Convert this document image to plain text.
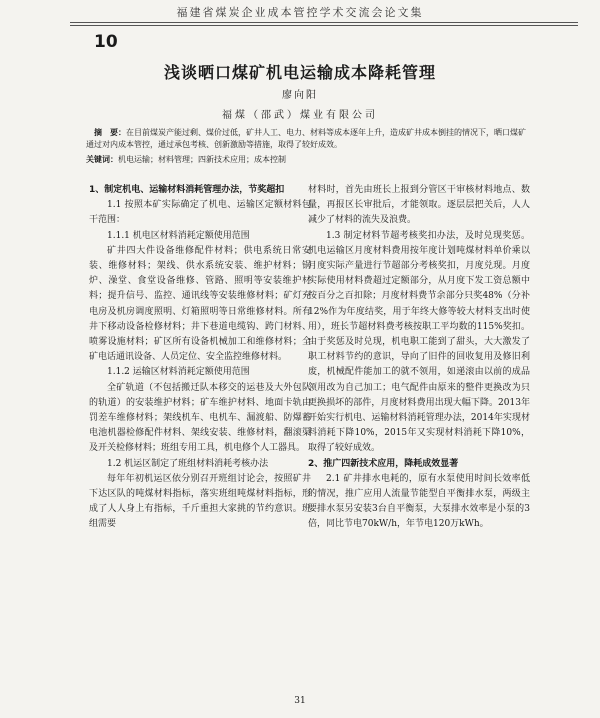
福建省煤炭企业成本管控学术交流会论文集
10
浅谈晒口煤矿机电运输成本降耗管理
廖向阳
福煤（邵武）煤业有限公司
摘　要：在目前煤炭产能过剩、煤价过低，矿井人工、电力、材料等成本逐年上升，造成矿井成本倒挂的情况下，晒口煤矿通过对内成本管控，通过承包考核、创新激励等措施，取得了较好成效。
关键词：机电运输；材料管理；四新技术应用；成本控制

1、制定机电、运输材料消耗管理办法，节奖超扣

1.1 按照本矿实际确定了机电、运输区定额材料包干范围：

1.1.1 机电区材料消耗定额使用范围

矿井四大件设备维修配件材料；供电系统日常安装、维修材料；架线、供水系统安装、维护材料；锅炉、澡堂、食堂设备维修、管路、照明等安装维护材料；提升信号、监控、通讯线等安装维修材料；矿灯充电房及机房调度照明、灯箱照明等日常维修材料。所有井下移动设备检修材料；井下巷道电缆钩、跨门材料、喷雾设施材料；矿区所有设备机械加工和维修材料；全矿电话通讯设备、人员定位、安全监控维修材料。

1.1.2 运输区材料消耗定额使用范围

全矿轨道（不包括搬迁队本移交的运巷及大外包队的轨道）的安装维护材料；矿车维护材料、地面卡轨由罚差车维修材料；架线机车、电机车、漏渡船、防爆蓄电池机器检修配件材料、架线安装、维修材料，翻滚渠及开关检修材料；班组专用工具，机电修个人工器具。

1.2 机运区制定了班组材料消耗考核办法

每年年初机运区依分别召开班组讨论会，按照矿井下达区队的吨煤材料指标，落实班组吨煤材料指标，形成了人人身上有指标，千斤重担大家挑的节约意识。班组需要

材料时，首先由班长上报到分管区干审核材料地点、数量，再报区长审批后，才能领取。逐层层把关后，人人减少了材料的流失及浪费。

1.3 制定材料节超考核奖扣办法，及时兑现奖惩。机电运输区月度材料费用按年度计划吨煤材料单价乘以月度实际产量进行节超部分考核奖扣，月度兑现。月度实际使用材料费超过定额部分，从月度下发工资总额中按百分之百扣除；月度材料费节余部分只奖48%（分补12%作为年度结奖，用于年终大修等较大材料支出时使用），班长节超材料费考核按职工平均数的115%奖扣。由于奖惩及时兑现，机电职工能到了甜头，大大激发了职工材料节约的意识，导向了旧件的回收复用及修旧利废，机械配件能加工的就不领用，如递滚由以前的成品领用改为自己加工；电气配件由原来的整件更换改为只更换损坏的部件，月度材料费用出现大幅下降。2013年开始实行机电、运输材料消耗管理办法，2014年实现材料消耗下降10%，2015年又实现材料消耗下降10%，取得了较好成效。

2、推广四新技术应用，降耗成效显著

2.1 矿井排水电耗的，原有水泵使用时间长效率低的情况，推广应用人流量节能型自平衡排水泵，两级主要排水泵另安装3台自平衡泵，大泵排水效率是小泵的3倍，同比节电70kW/h，年节电120万kWh。

31
